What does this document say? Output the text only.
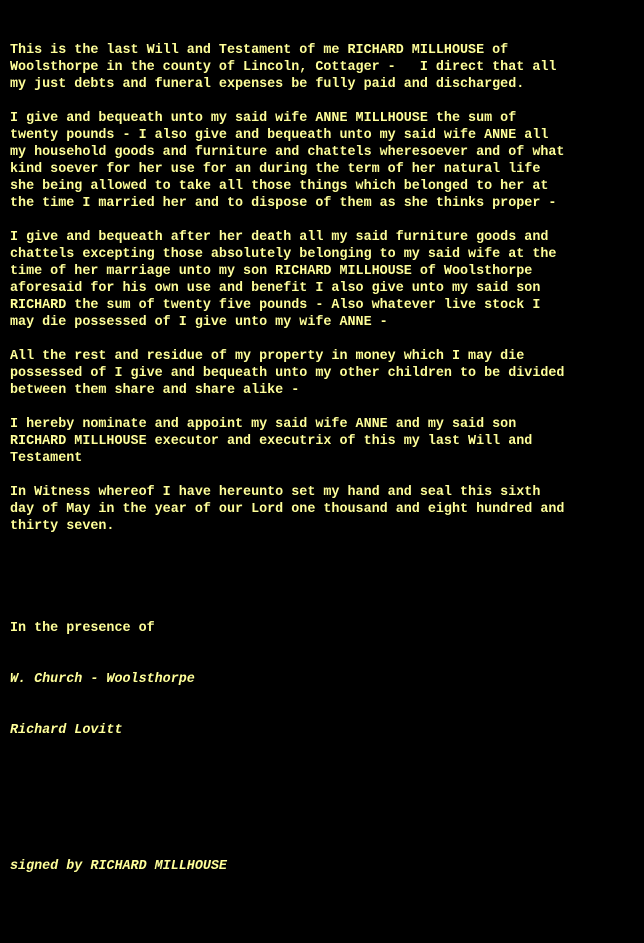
This is the last Will and Testament of me RICHARD MILLHOUSE of
Woolsthorpe in the county of Lincoln, Cottager -   I direct that all
my just debts and funeral expenses be fully paid and discharged.
I give and bequeath unto my said wife ANNE MILLHOUSE the sum of
twenty pounds - I also give and bequeath unto my said wife ANNE all
my household goods and furniture and chattels wheresoever and of what
kind soever for her use for an during the term of her natural life
she being allowed to take all those things which belonged to her at
the time I married her and to dispose of them as she thinks proper -
I give and bequeath after her death all my said furniture goods and
chattels excepting those absolutely belonging to my said wife at the
time of her marriage unto my son RICHARD MILLHOUSE of Woolsthorpe
aforesaid for his own use and benefit I also give unto my said son
RICHARD the sum of twenty five pounds - Also whatever live stock I
may die possessed of I give unto my wife ANNE -
All the rest and residue of my property in money which I may die
possessed of I give and bequeath unto my other children to be divided
between them share and share alike -
I hereby nominate and appoint my said wife ANNE and my said son
RICHARD MILLHOUSE executor and executrix of this my last Will and
Testament
In Witness whereof I have hereunto set my hand and seal this sixth
day of May in the year of our Lord one thousand and eight hundred and
thirty seven.

In the presence of

W. Church - Woolsthorpe

Richard Lovitt

signed by RICHARD MILLHOUSE
